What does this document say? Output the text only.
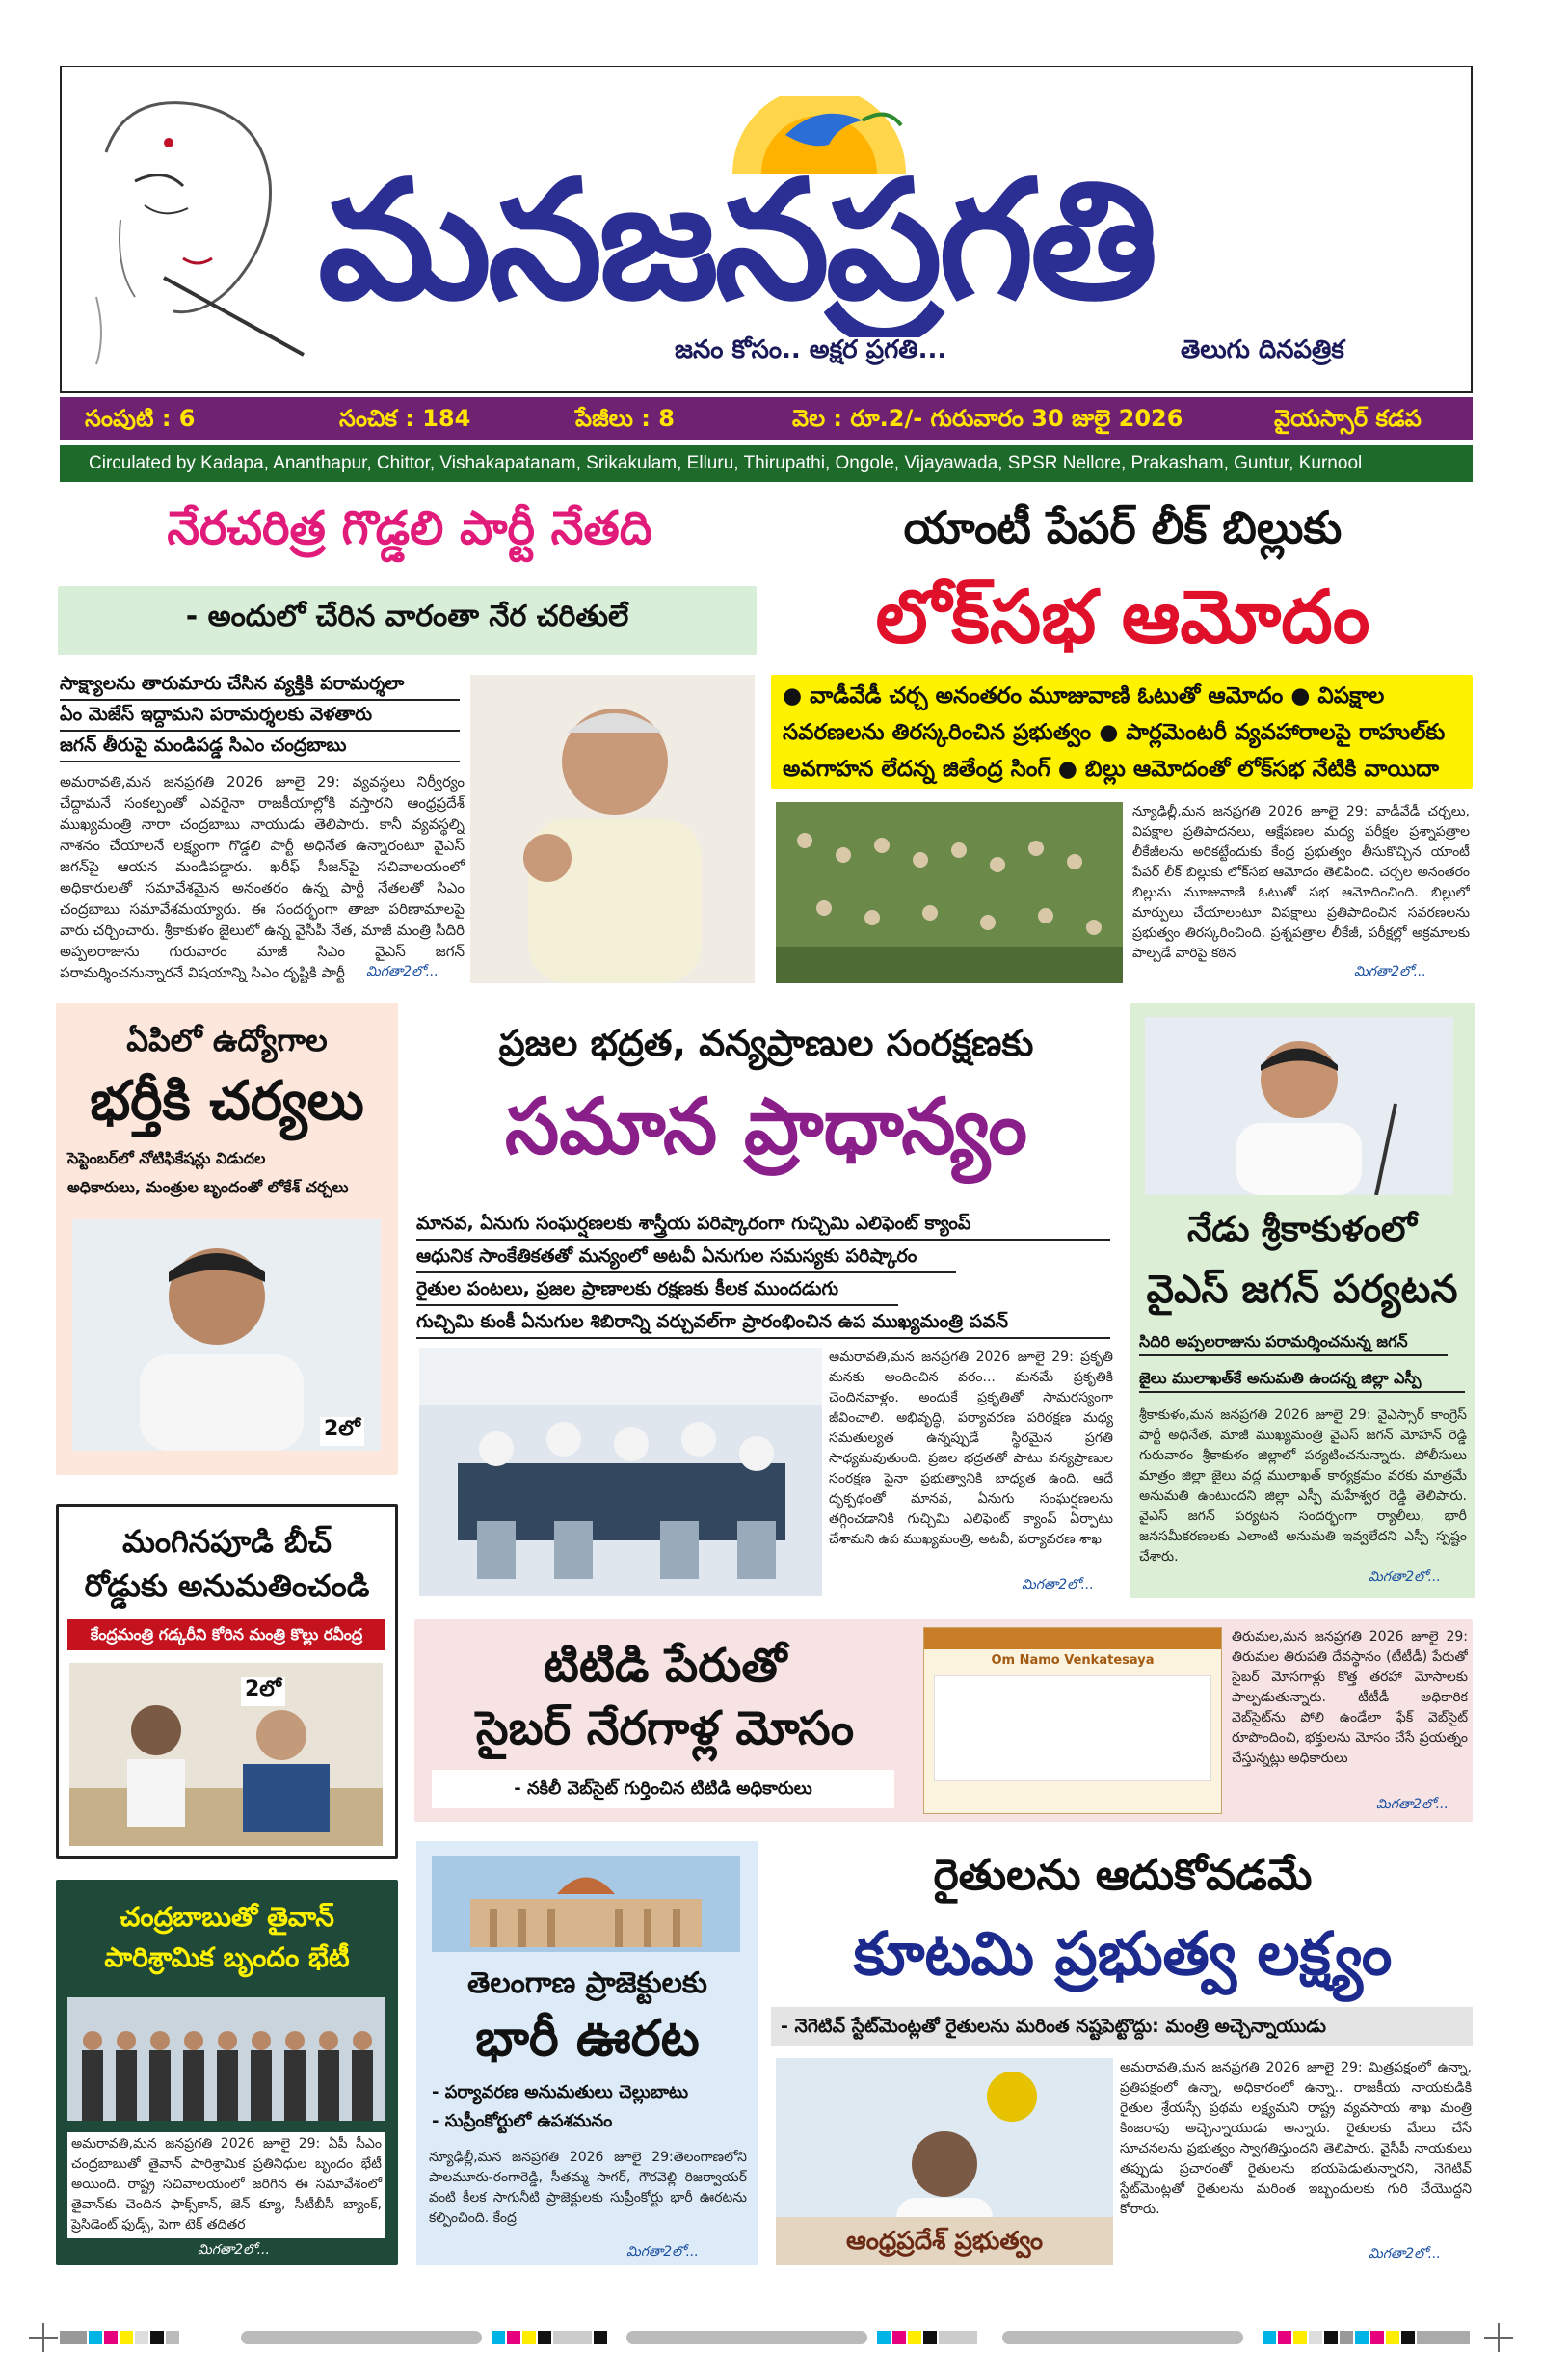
మనజనప్రగతి
జనం కోసం.. అక్షర ప్రగతి...	తెలుగు దినపత్రిక
సంపుటి : 6	సంచిక : 184	పేజీలు : 8	వెల : రూ.2/- గురువారం 30 జులై 2026	వైయస్సార్ కడప
Circulated by Kadapa, Ananthapur, Chittor, Vishakapatanam, Srikakulam, Elluru, Thirupathi, Ongole, Vijayawada, SPSR Nellore, Prakasham, Guntur, Kurnool
నేరచరిత్ర గొడ్డలి పార్టీ నేతది
- అందులో చేరిన వారంతా నేర చరితులే
సాక్ష్యాలను తారుమారు చేసిన వ్యక్తికి పరామర్శలా
ఏం మెజేస్ ఇద్దామని పరామర్శలకు వెళతారు
జగన్ తీరుపై మండిపడ్డ సిఎం చంద్రబాబు
అమరావతి,మన జనప్రగతి 2026 జూలై 29: వ్యవస్థలు నిర్వీర్యం చేద్దామనే సంకల్పంతో ఎవరైనా రాజకీయాల్లోకి వస్తారని ఆంధ్రప్రదేశ్ ముఖ్యమంత్రి నారా చంద్రబాబు నాయుడు తెలిపారు. కానీ వ్యవస్థల్ని నాశనం చేయాలనే లక్ష్యంగా గొడ్డలి పార్టీ అధినేత ఉన్నారంటూ వైఎస్ జగన్‌పై ఆయన మండిపడ్డారు. ఖరీఫ్ సీజన్‌పై సచివాలయంలో అధికారులతో సమావేశమైన అనంతరం ఉన్న పార్టీ నేతలతో సిఎం చంద్రబాబు సమావేశమయ్యారు. ఈ సందర్భంగా తాజా పరిణామాలపై వారు చర్చించారు. శ్రీకాకుళం జైలులో ఉన్న వైసీపీ నేత, మాజీ మంత్రి సీదిరి అప్పలరాజును గురువారం మాజీ సిఎం వైఎస్ జగన్ పరామర్శించనున్నారనే విషయాన్ని సిఎం దృష్టికి పార్టీ	మిగతా2లో...
యాంటీ పేపర్ లీక్ బిల్లుకు
లోక్‌సభ ఆమోదం
● వాడీవేడీ చర్చ అనంతరం మూజువాణి ఓటుతో ఆమోదం ● విపక్షాల సవరణలను తిరస్కరించిన ప్రభుత్వం ● పార్లమెంటరీ వ్యవహారాలపై రాహుల్‌కు అవగాహన లేదన్న జితేంద్ర సింగ్ ● బిల్లు ఆమోదంతో లోక్‌సభ నేటికి వాయిదా
న్యూఢిల్లీ,మన జనప్రగతి 2026 జూలై 29: వాడీవేడీ చర్చలు, విపక్షాల ప్రతిపాదనలు, ఆక్షేపణల మధ్య పరీక్షల ప్రశ్నాపత్రాల లీకేజీలను అరికట్టేందుకు కేంద్ర ప్రభుత్వం తీసుకొచ్చిన యాంటీ పేపర్ లీక్ బిల్లుకు లోక్‌సభ ఆమోదం తెలిపింది. చర్చల అనంతరం బిల్లును మూజువాణి ఓటుతో సభ ఆమోదించింది. బిల్లులో మార్పులు చేయాలంటూ విపక్షాలు ప్రతిపాదించిన సవరణలను ప్రభుత్వం తిరస్కరించింది. ప్రశ్నపత్రాల లీకేజీ, పరీక్షల్లో అక్రమాలకు పాల్పడే వారిపై కఠిన
మిగతా2లో...
ఏపిలో ఉద్యోగాల
భర్తీకి చర్యలు
సెప్టెంబర్‌లో నోటిఫికేషన్లు విడుదల
అధికారులు, మంత్రుల బృందంతో లోకేశ్ చర్చలు
2లో
ప్రజల భద్రత, వన్యప్రాణుల సంరక్షణకు
సమాన ప్రాధాన్యం
మానవ, ఏనుగు సంఘర్షణలకు శాస్త్రీయ పరిష్కారంగా గుచ్చిమి ఎలిఫెంట్ క్యాంప్
ఆధునిక సాంకేతికతతో మన్యంలో అటవీ ఏనుగుల సమస్యకు పరిష్కారం
రైతుల పంటలు, ప్రజల ప్రాణాలకు రక్షణకు కీలక ముందడుగు
గుచ్చిమి కుంకీ ఏనుగుల శిబిరాన్ని వర్చువల్‌గా ప్రారంభించిన ఉప ముఖ్యమంత్రి పవన్
అమరావతి,మన జనప్రగతి 2026 జూలై 29: ప్రకృతి మనకు అందించిన వరం... మనమే ప్రకృతికి చెందినవాళ్లం. అందుకే ప్రకృతితో సామరస్యంగా జీవించాలి. అభివృద్ధి, పర్యావరణ పరిరక్షణ మధ్య సమతుల్యత ఉన్నప్పుడే స్థిరమైన ప్రగతి సాధ్యమవుతుంది. ప్రజల భద్రతతో పాటు వన్యప్రాణుల సంరక్షణ పైనా ప్రభుత్వానికి బాధ్యత ఉంది. ఆదే దృక్పథంతో మానవ, ఏనుగు సంఘర్షణలను తగ్గించడానికి గుచ్చిమి ఎలిఫెంట్ క్యాంప్ ఏర్పాటు చేశామని ఉప ముఖ్యమంత్రి, అటవీ, పర్యావరణ శాఖ
మిగతా2లో...
నేడు శ్రీకాకుళంలో
వైఎస్ జగన్ పర్యటన
సిదిరి అప్పలరాజును పరామర్శించనున్న జగన్
జైలు ములాఖత్‌కే అనుమతి ఉందన్న జిల్లా ఎస్పీ
శ్రీకాకుళం,మన జనప్రగతి 2026 జూలై 29: వైఎస్సార్ కాంగ్రెస్ పార్టీ అధినేత, మాజీ ముఖ్యమంత్రి వైఎస్ జగన్ మోహన్ రెడ్డి గురువారం శ్రీకాకుళం జిల్లాలో పర్యటించనున్నారు. పోలీసులు మాత్రం జిల్లా జైలు వద్ద ములాఖత్ కార్యక్రమం వరకు మాత్రమే అనుమతి ఉంటుందని జిల్లా ఎస్పీ మహేశ్వర రెడ్డి తెలిపారు. వైఎస్ జగన్ పర్యటన సందర్భంగా ర్యాలీలు, భారీ జనసమీకరణలకు ఎలాంటి అనుమతి ఇవ్వలేదని ఎస్పీ స్పష్టం చేశారు.
మిగతా2లో...
మంగినపూడి బీచ్
రోడ్డుకు అనుమతించండి
కేంద్రమంత్రి గడ్కరీని కోరిన మంత్రి కొల్లు రవీంద్ర
2లో	టిటిడి పేరుతో
సైబర్ నేరగాళ్ల మోసం
- నకిలీ వెబ్‌సైట్ గుర్తించిన టిటిడి అధికారులు
Om Namo Venkatesaya
తిరుమల,మన జనప్రగతి 2026 జూలై 29: తిరుమల తిరుపతి దేవస్థానం (టీటీడీ) పేరుతో సైబర్ మోసగాళ్లు కొత్త తరహా మోసాలకు పాల్పడుతున్నారు. టీటీడీ అధికారిక వెబ్‌సైట్‌ను పోలి ఉండేలా ఫేక్ వెబ్‌సైట్ రూపొందించి, భక్తులను మోసం చేసే ప్రయత్నం చేస్తున్నట్లు అధికారులు
మిగతా2లో...
తెలంగాణ ప్రాజెక్టులకు
భారీ ఊరట
- పర్యావరణ అనుమతులు చెల్లుబాటు
- సుప్రీంకోర్టులో ఉపశమనం
న్యూఢిల్లీ,మన జనప్రగతి 2026 జూలై 29:తెలంగాణలోని పాలమూరు-రంగారెడ్డి, సీతమ్మ సాగర్, గౌరవెల్లి రిజర్వాయర్ వంటి కీలక సాగునీటి ప్రాజెక్టులకు సుప్రీంకోర్టు భారీ ఊరటను కల్పించింది. కేంద్ర
మిగతా2లో...
చంద్రబాబుతో తైవాన్
పారిశ్రామిక బృందం భేటీ
అమరావతి,మన జనప్రగతి 2026 జూలై 29: ఏపీ సీఎం చంద్రబాబుతో తైవాన్ పారిశ్రామిక ప్రతినిధుల బృందం భేటీ అయింది. రాష్ట్ర సచివాలయంలో జరిగిన ఈ సమావేశంలో తైవాన్‌కు చెందిన ఫాక్స్‌కాన్, జెన్ క్యూ, సీటీబీసీ బ్యాంక్, ప్రెసిడెంట్ ఫుడ్స్, పెగా టెక్ తదితర
మిగతా2లో...
రైతులను ఆదుకోవడమే
కూటమి ప్రభుత్వ లక్ష్యం
- నెగెటివ్ స్టేట్‌మెంట్లతో రైతులను మరింత నష్టపెట్టొద్దు: మంత్రి అచ్చెన్నాయుడు
ఆంధ్రప్రదేశ్ ప్రభుత్వం
అమరావతి,మన జనప్రగతి 2026 జూలై 29: మిత్రపక్షంలో ఉన్నా, ప్రతిపక్షంలో ఉన్నా, అధికారంలో ఉన్నా.. రాజకీయ నాయకుడికి రైతుల శ్రేయస్సే ప్రథమ లక్ష్యమని రాష్ట్ర వ్యవసాయ శాఖ మంత్రి కింజరాపు అచ్చెన్నాయుడు అన్నారు. రైతులకు మేలు చేసే సూచనలను ప్రభుత్వం స్వాగతిస్తుందని తెలిపారు. వైసీపీ నాయకులు తప్పుడు ప్రచారంతో రైతులను భయపెడుతున్నారని, నెగెటివ్ స్టేట్‌మెంట్లతో రైతులను మరింత ఇబ్బందులకు గురి చేయొద్దని కోరారు.
మిగతా2లో...
